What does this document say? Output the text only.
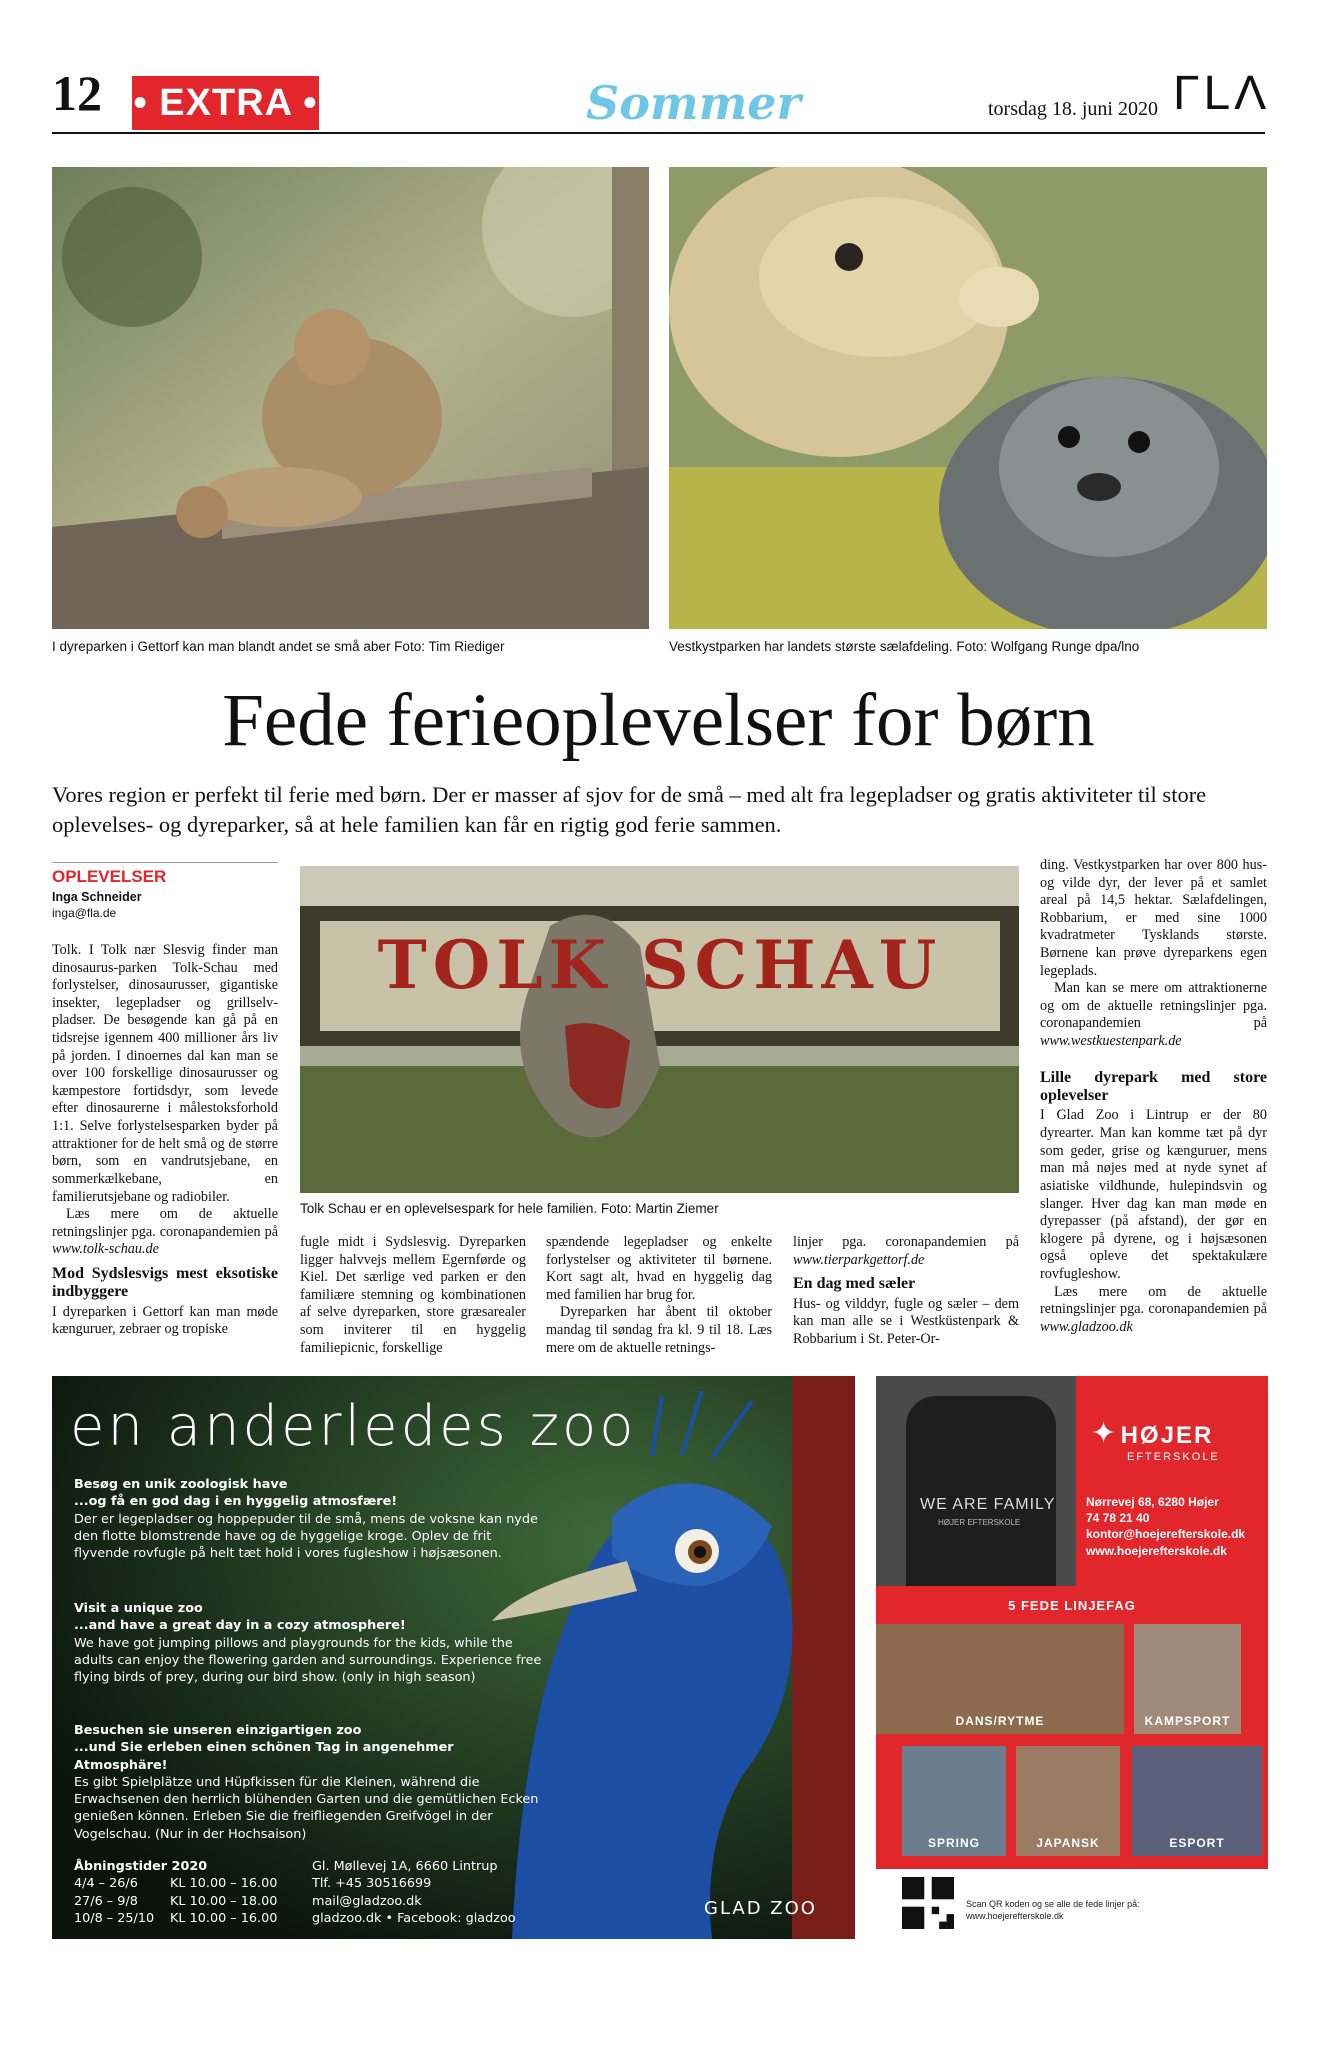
12 • EXTRA •	Sommer	torsdag 18. juni 2020 ΓLΛ
I dyreparken i Gettorf kan man blandt andet se små aber Foto: Tim Riediger	Vestkystparken har landets største sælafdeling. Foto: Wolfgang Runge dpa/lno
Fede ferieoplevelser for børn
Vores region er perfekt til ferie med børn. Der er masser af sjov for de små – med alt fra legepladser og gratis aktiviteter til store oplevelses- og dyreparker, så at hele familien kan får en rigtig god ferie sammen.
OPLEVELSER
Inga Schneider
inga@fla.de

Tolk. I Tolk nær Slesvig finder man dinosaurus-parken Tolk-Schau med forlystelser, dinosaurusser, gigantiske insekter, legepladser og grillselv-pladser. De besøgende kan gå på en tidsrejse igennem 400 millioner års liv på jorden. I dinoernes dal kan man se over 100 forskellige dinosaurusser og kæmpestore fortidsdyr, som levede efter dinosaurerne i målestoksforhold 1:1. Selve forlystelsesparken byder på attraktioner for de helt små og de større børn, som en vandrutsjebane, en sommerkælkebane, en familierutsjebane og radiobiler.

Læs mere om de aktuelle retningslinjer pga. coronapandemien på www.tolk-schau.de

Mod Sydslesvigs mest eksotiske indbyggere

I dyreparken i Gettorf kan man møde kænguruer, zebraer og tropiske

TOLK SCHAU
Tolk Schau er en oplevelsespark for hele familien. Foto: Martin Ziemer

fugle midt i Sydslesvig. Dyreparken ligger halvvejs mellem Egernførde og Kiel. Det særlige ved parken er den familiære stemning og kombinationen af selve dyreparken, store græsarealer som inviterer til en hyggelig familiepicnic, forskellige

spændende legepladser og enkelte forlystelser og aktiviteter til børnene. Kort sagt alt, hvad en hyggelig dag med familien har brug for.

Dyreparken har åbent til oktober mandag til søndag fra kl. 9 til 18. Læs mere om de aktuelle retnings-

linjer pga. coronapandemien på www.tierparkgettorf.de

En dag med sæler

Hus- og vilddyr, fugle og sæler – dem kan man alle se i Westküstenpark & Robbarium i St. Peter-Or-

ding. Vestkystparken har over 800 hus- og vilde dyr, der lever på et samlet areal på 14,5 hektar. Sælafdelingen, Robbarium, er med sine 1000 kvadratmeter Tysklands største. Børnene kan prøve dyreparkens egen legeplads.

Man kan se mere om attraktionerne og om de aktuelle retningslinjer pga. coronapandemien på www.westkuestenpark.de

Lille dyrepark med store oplevelser

I Glad Zoo i Lintrup er der 80 dyrearter. Man kan komme tæt på dyr som geder, grise og kænguruer, mens man må nøjes med at nyde synet af asiatiske vildhunde, hulepindsvin og slanger. Hver dag kan man møde en dyrepasser (på afstand), der gør en klogere på dyrene, og i højsæsonen også opleve det spektakulære rovfugleshow.

Læs mere om de aktuelle retningslinjer pga. coronapandemien på www.gladzoo.dk

en anderledes zoo
Besøg en unik zoologisk have
...og få en god dag i en hyggelig atmosfære!
Der er legepladser og hoppepuder til de små, mens de voksne kan nyde den flotte blomstrende have og de hyggelige kroge. Oplev de frit flyvende rovfugle på helt tæt hold i vores fugleshow i højsæsonen.
Visit a unique zoo
...and have a great day in a cozy atmosphere!
We have got jumping pillows and playgrounds for the kids, while the adults can enjoy the flowering garden and surroundings. Experience free flying birds of prey, during our bird show. (only in high season)
Besuchen sie unseren einzigartigen zoo
...und Sie erleben einen schönen Tag in angenehmer Atmosphäre!
Es gibt Spielplätze und Hüpfkissen für die Kleinen, während die Erwachsenen den herrlich blühenden Garten und die gemütlichen Ecken genießen können. Erleben Sie die freifliegenden Greifvögel in der Vogelschau. (Nur in der Hochsaison)
Åbningstider 2020
4/4 – 26/6	KL 10.00 – 16.00
27/6 – 9/8	KL 10.00 – 18.00
10/8 – 25/10 KL 10.00 – 16.00
Gl. Møllevej 1A, 6660 Lintrup
Tlf. +45 30516699
mail@gladzoo.dk
gladzoo.dk • Facebook: gladzoo	GLAD ZOO
WE ARE FAMILY
HØJER EFTERSKOLE
✦ HØJER
EFTERSKOLE
Nørrevej 68, 6280 Højer
74 78 21 40
kontor@hoejerefterskole.dk
www.hoejerefterskole.dk
5 FEDE LINJEFAG
DANS/RYTME	KAMPSPORT
SPRING	JAPANSK	ESPORT
Scan QR koden og se alle de fede linjer på:
www.hoejerefterskole.dk
